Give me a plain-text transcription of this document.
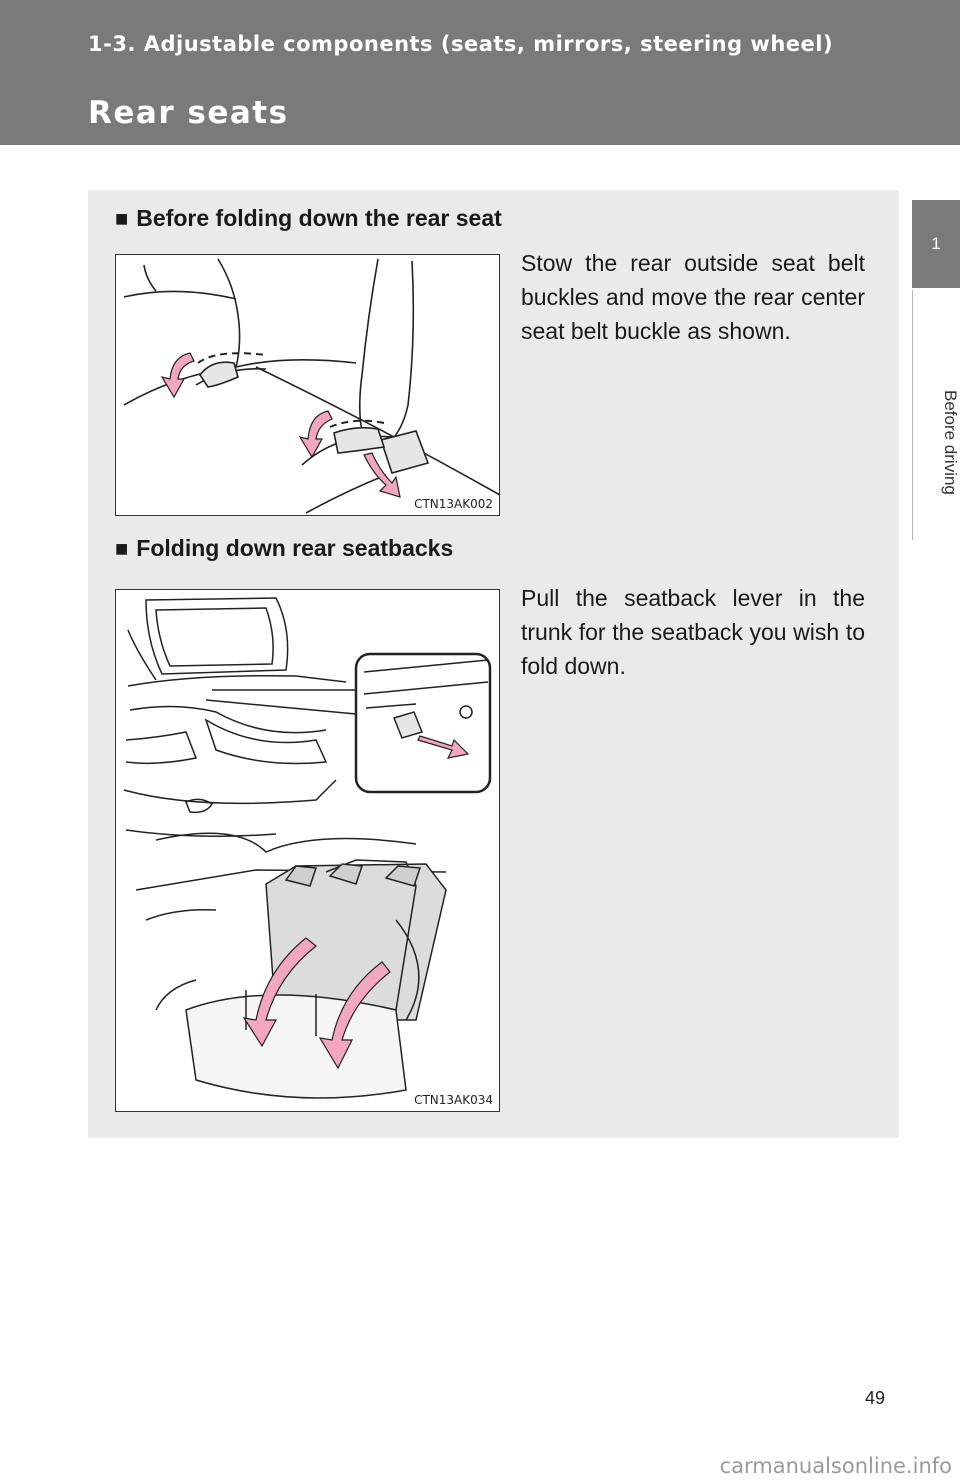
1-3. Adjustable components (seats, mirrors, steering wheel)
Rear seats
1
Before driving
■ Before folding down the rear seat
Stow the rear outside seat belt buckles and move the rear center seat belt buckle as shown.
CTN13AK002
■ Folding down rear seatbacks
Pull the seatback lever in the trunk for the seatback you wish to fold down.
CTN13AK034
49
carmanualsonline.info
